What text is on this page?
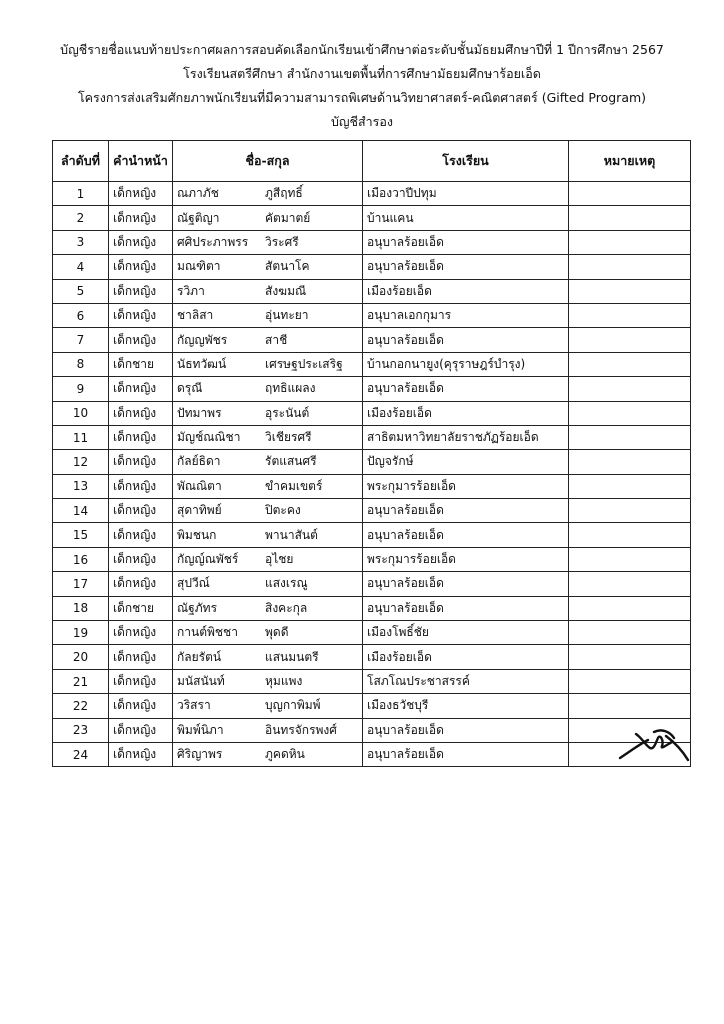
บัญชีรายชื่อแนบท้ายประกาศผลการสอบคัดเลือกนักเรียนเข้าศึกษาต่อระดับชั้นมัธยมศึกษาปีที่ 1 ปีการศึกษา 2567
โรงเรียนสตรีศึกษา สำนักงานเขตพื้นที่การศึกษามัธยมศึกษาร้อยเอ็ด
โครงการส่งเสริมศักยภาพนักเรียนที่มีความสามารถพิเศษด้านวิทยาศาสตร์-คณิตศาสตร์ (Gifted Program)
บัญชีสำรอง
ลำดับที่	คำนำหน้า	ชื่อ-สกุล	โรงเรียน	หมายเหตุ
1	เด็กหญิง	ณภาภัช ภูสีฤทธิ์	เมืองวาปีปทุม	
2	เด็กหญิง	ณัฐติญา คัตมาตย์	บ้านแคน	
3	เด็กหญิง	ศศิประภาพรร วิระศรี	อนุบาลร้อยเอ็ด	
4	เด็กหญิง	มณฑิตา สัตนาโค	อนุบาลร้อยเอ็ด	
5	เด็กหญิง	รวิภา สังฆมณี	เมืองร้อยเอ็ด	
6	เด็กหญิง	ชาลิสา อุ่นทะยา	อนุบาลเอกกุมาร	
7	เด็กหญิง	กัญญพัชร สาชี	อนุบาลร้อยเอ็ด	
8	เด็กชาย	นัธทวัฒน์ เศรษฐประเสริฐ	บ้านกอกนายูง(คุรุราษฎร์บำรุง)	
9	เด็กหญิง	ดรุณี ฤทธิแผลง	อนุบาลร้อยเอ็ด	
10	เด็กหญิง	ปัทมาพร อุระนันต์	เมืองร้อยเอ็ด	
11	เด็กหญิง	มัญช์ณณิชา วิเชียรศรี	สาธิตมหาวิทยาลัยราชภัฏร้อยเอ็ด	
12	เด็กหญิง	กัลย์ธิดา รัตแสนศรี	ปัญจรักษ์	
13	เด็กหญิง	พัณณิตา ขำคมเขตร์	พระกุมารร้อยเอ็ด	
14	เด็กหญิง	สุดาทิพย์ ปิตะคง	อนุบาลร้อยเอ็ด	
15	เด็กหญิง	พิมชนก พานาสันต์	อนุบาลร้อยเอ็ด	
16	เด็กหญิง	กัญญ์ณพัชร์ อุไชย	พระกุมารร้อยเอ็ด	
17	เด็กหญิง	สุปวีณ์ แสงเรณู	อนุบาลร้อยเอ็ด	
18	เด็กชาย	ณัฐภัทร สิงคะกุล	อนุบาลร้อยเอ็ด	
19	เด็กหญิง	กานต์พิชชา พุดดี	เมืองโพธิ์ชัย	
20	เด็กหญิง	กัลยรัตน์ แสนมนตรี	เมืองร้อยเอ็ด	
21	เด็กหญิง	มนัสนันท์ หุมแพง	โสภโณประชาสรรค์	
22	เด็กหญิง	วริสรา บุญกาพิมพ์	เมืองธวัชบุรี	
23	เด็กหญิง	พิมพ์นิภา อินทรจักรพงศ์	อนุบาลร้อยเอ็ด	
24	เด็กหญิง	ศิริญาพร ภูคดหิน	อนุบาลร้อยเอ็ด	
